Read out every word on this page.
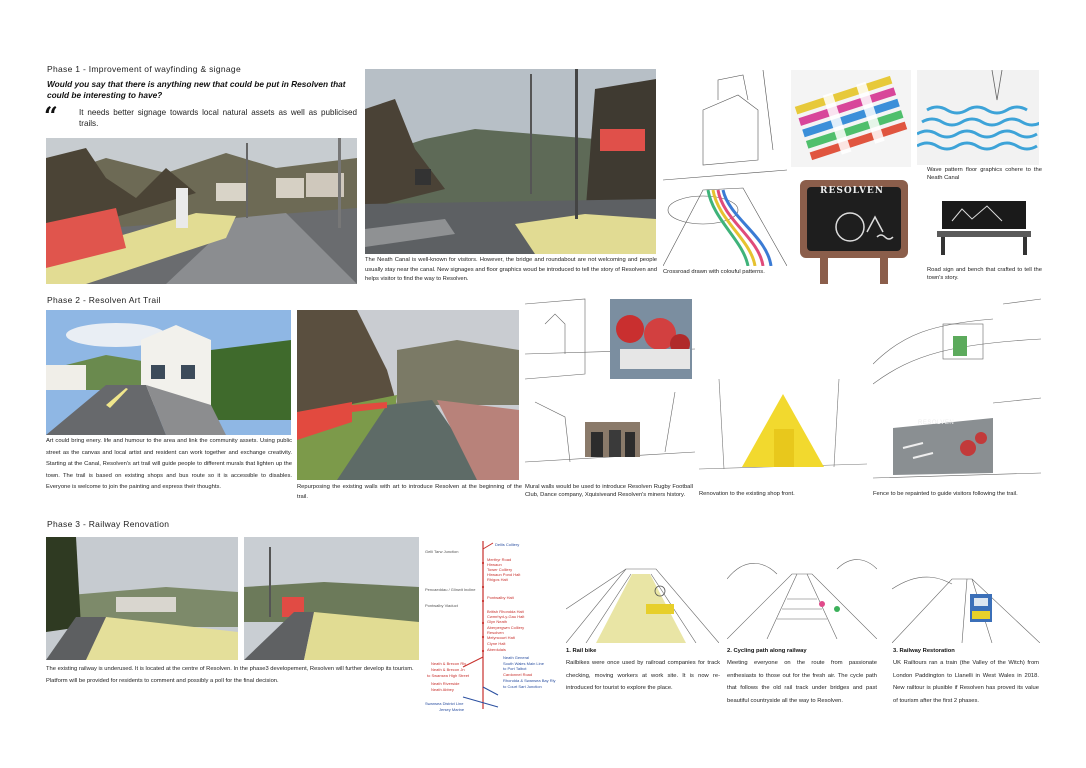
Phase 1 - Improvement of wayfinding & signage
Would you say that there is anything new that could be put in Resolven that could be interesting to have?
“	It needs better signage towards local natural assets as well as publicised trails.
The Neath Canal is well-known for visitors. However, the bridge and roundabout are not welcoming and people usually stay near the canal. New signages and floor graphics woud be introduced to tell the story of Resolven and helps visitor to find the way to Resolven.
Crossroad drawn with colouful patterns.
Wave pattern floor graphics cohere to the Neath Canal
RESOLVEN
Road sign and bench that crafted to tell the town's story.
Phase 2 - Resolven Art Trail
Art could bring enery. life and humour to the area and link the community assets. Using public street as the canvas and local artist and resident can work together and exchange creativity. Starting at the Canal, Resolven's art trail will guide people to different murals that lighten up the town. The trail is based on existing shops and bus route so it is accessible to disables. Everyone is welcome to join the painting and express their thoughts.	Repurposing the existing walls with art to introduce Resolven at the beginning of the trail.
Mural walls would be used to introduce Resolven Rugby Football Club, Dance company, Xquisiveand Resolven's miners history.	Renovation to the existing shop front.
RESOLVEN
Fence to be repainted to guide visitors following the trail.
Phase 3 - Railway Renovation
The existing railway is underused. It is located at the centre of Resolven. In the phase3 developement, Resolven will further develop its tourism. Platform will be provided for residents to comment and possibly a poll for the final decision.
Dellis Colliery
Gelli Tarw Junction
Pencaeddau / Glinwit Incline
Pontwalby Viaduct
Merthyr Road
Hirwaun
Tower Colliery
Hirwaun Pond Halt
Rhigos Halt
Pontwalby Halt
British Rhondda Halt
Cwmrhyd-y-Gau Halt
Glyn Neath
Aberpergwm Colliery
Resolven
Melyncourt Halt
Clyne Halt
Aberdulais
Neath & Brecon Rly
Neath & Brecon Jn
to Swansea High Street
Neath Riverside
Neath Abbey
Swansea District Line
Jersey Marine
Neath General
South Wales Main Line
to Port Talbot
Cardonnel Road
Rhondda & Swansea Bay Rly
to Court Sart Junction
1. Rail bike
Railbikes were once used by railroad companies for track checking, moving workers at work site. It is now re-introduced for tourist to explore the place.
2. Cycling path along railway
Meeting everyone on the route from passionate enthesiasts to those out for the fresh air. The cycle path that follows the old rail track under bridges and past beautiful countryside all the way to Resolven.
3. Railway Restoration
UK Railtours ran a train (the Valley of the Witch) from London Paddington to Llanelli in West Wales in 2018. New railtour is plusible if Resolven has proved its value of tourism after the first 2 phases.
